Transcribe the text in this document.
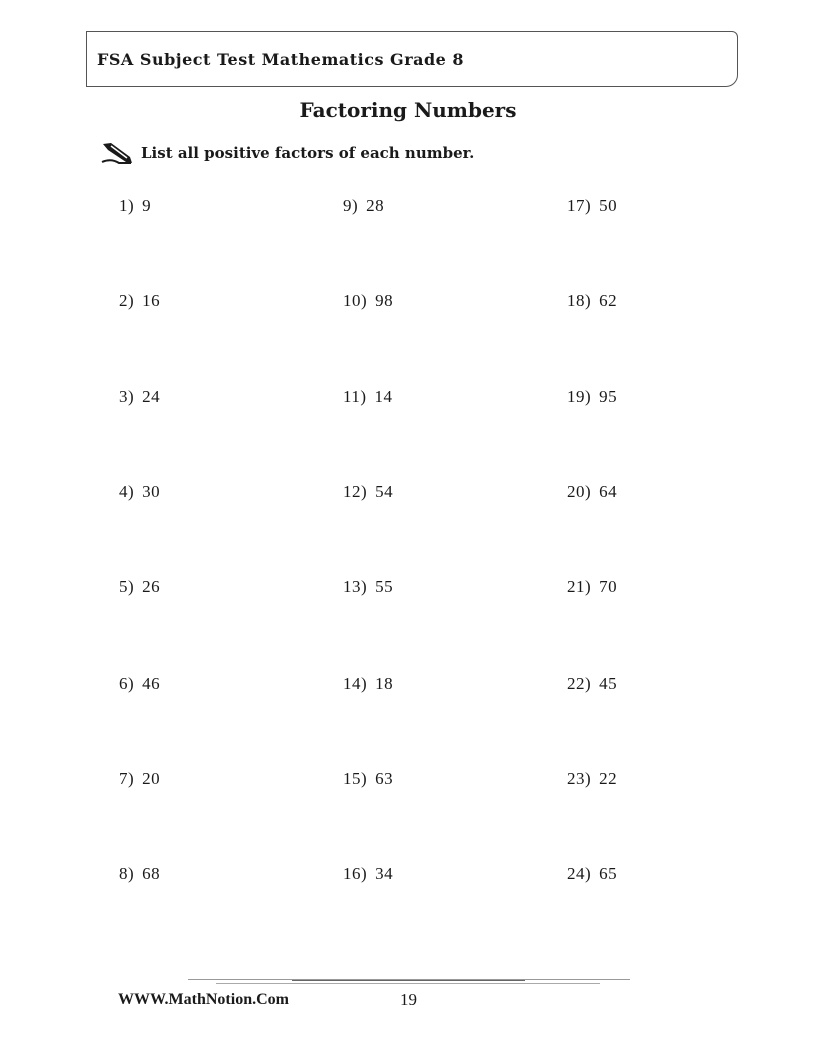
FSA Subject Test Mathematics Grade 8
Factoring Numbers
List all positive factors of each number.
1) 9
2) 16
3) 24
4) 30
5) 26
6) 46
7) 20
8) 68
9) 28
10) 98
11) 14
12) 54
13) 55
14) 18
15) 63
16) 34
17) 50
18) 62
19) 95
20) 64
21) 70
22) 45
23) 22
24) 65
WWW.MathNotion.Com	19
